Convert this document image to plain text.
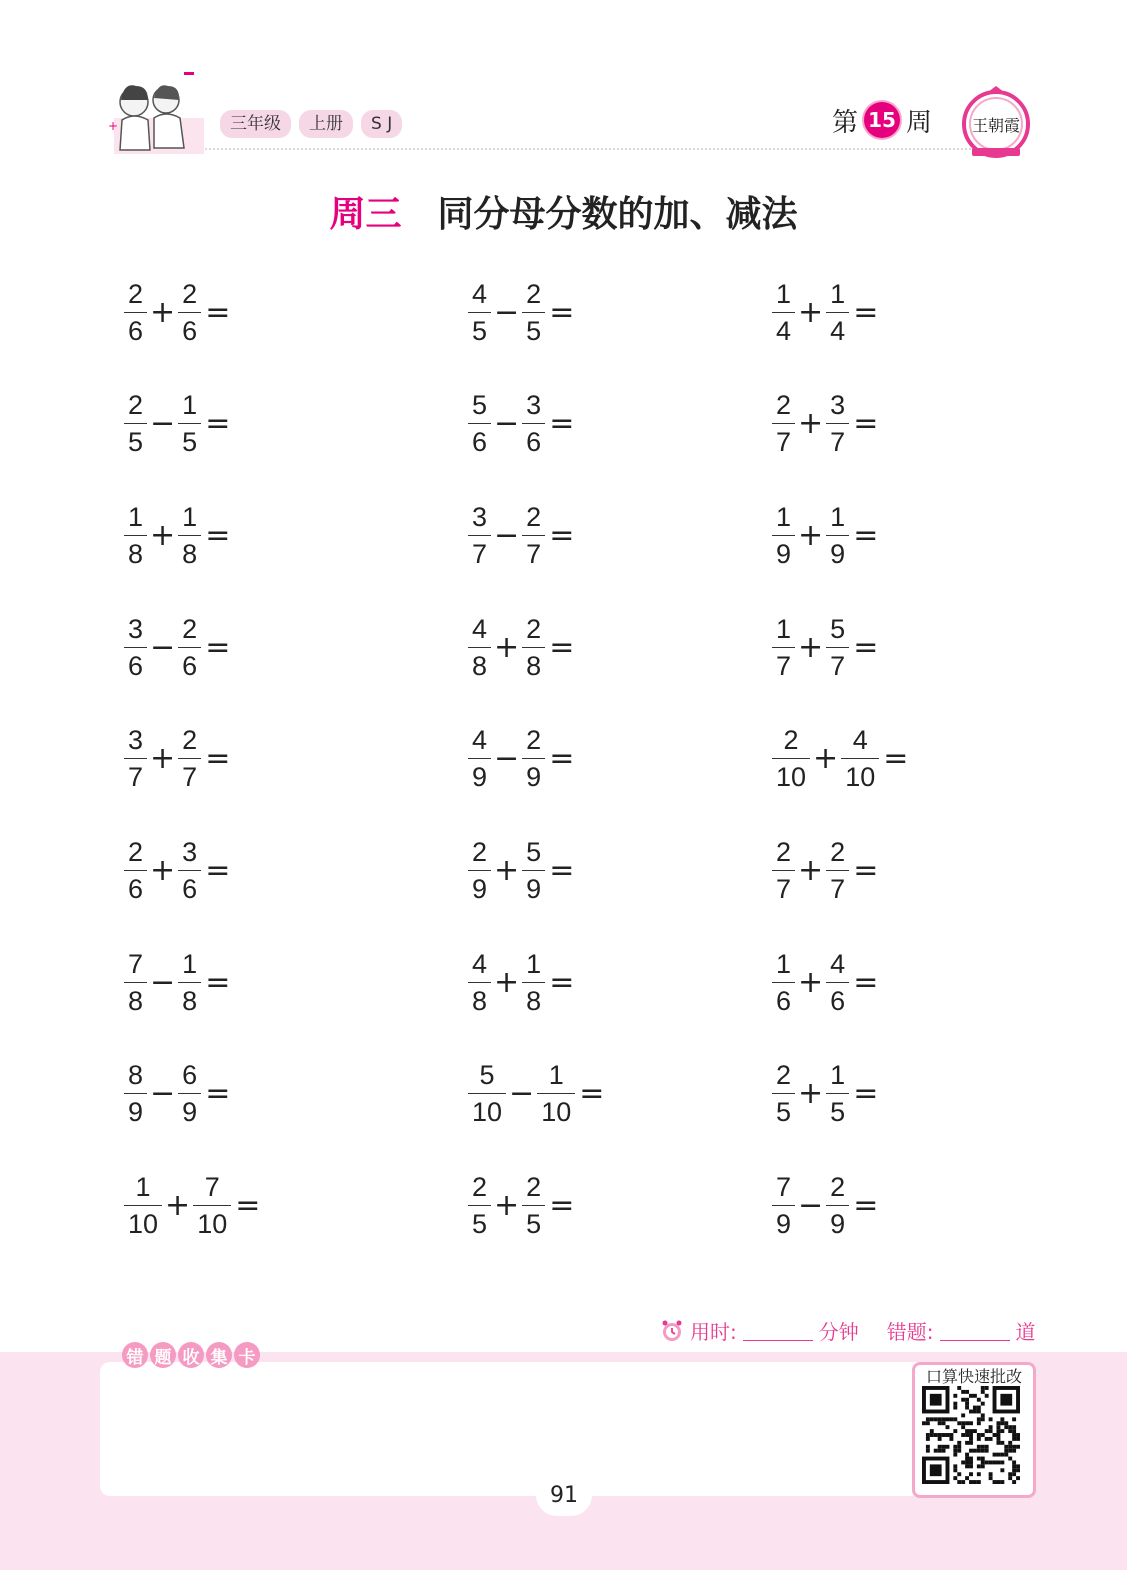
+	三年级	上册	S J	第 15 周 王朝霞
周三 同分母分数的加、减法
$\frac{2}{6} + \frac{2}{6}$ =	$\frac{4}{5} - \frac{2}{5}$ =	$\frac{1}{4} + \frac{1}{4}$ =
$\frac{2}{5} - \frac{1}{5}$ =	$\frac{5}{6} - \frac{3}{6}$ =	$\frac{2}{7} + \frac{3}{7}$ =
$\frac{1}{8} + \frac{1}{8}$ =	$\frac{3}{7} - \frac{2}{7}$ =	$\frac{1}{9} + \frac{1}{9}$ =
$\frac{3}{6} - \frac{2}{6}$ =	$\frac{4}{8} + \frac{2}{8}$ =	$\frac{1}{7} + \frac{5}{7}$ =
$\frac{3}{7} + \frac{2}{7}$ =	$\frac{4}{9} - \frac{2}{9}$ =	$\frac{2}{10} + \frac{4}{10}$ =
$\frac{2}{6} + \frac{3}{6}$ =	$\frac{2}{9} + \frac{5}{9}$ =	$\frac{2}{7} + \frac{2}{7}$ =
$\frac{7}{8} - \frac{1}{8}$ =	$\frac{4}{8} + \frac{1}{8}$ =	$\frac{1}{6} + \frac{4}{6}$ =
$\frac{8}{9} - \frac{6}{9}$ =	$\frac{5}{10} - \frac{1}{10}$ =	$\frac{2}{5} + \frac{1}{5}$ =
$\frac{1}{10} + \frac{7}{10}$ =	$\frac{2}{5} + \frac{2}{5}$ =	$\frac{7}{9} - \frac{2}{9}$ =
用时:	分钟 错题:	道
错 题 收 集 卡
口算快速批改
91
